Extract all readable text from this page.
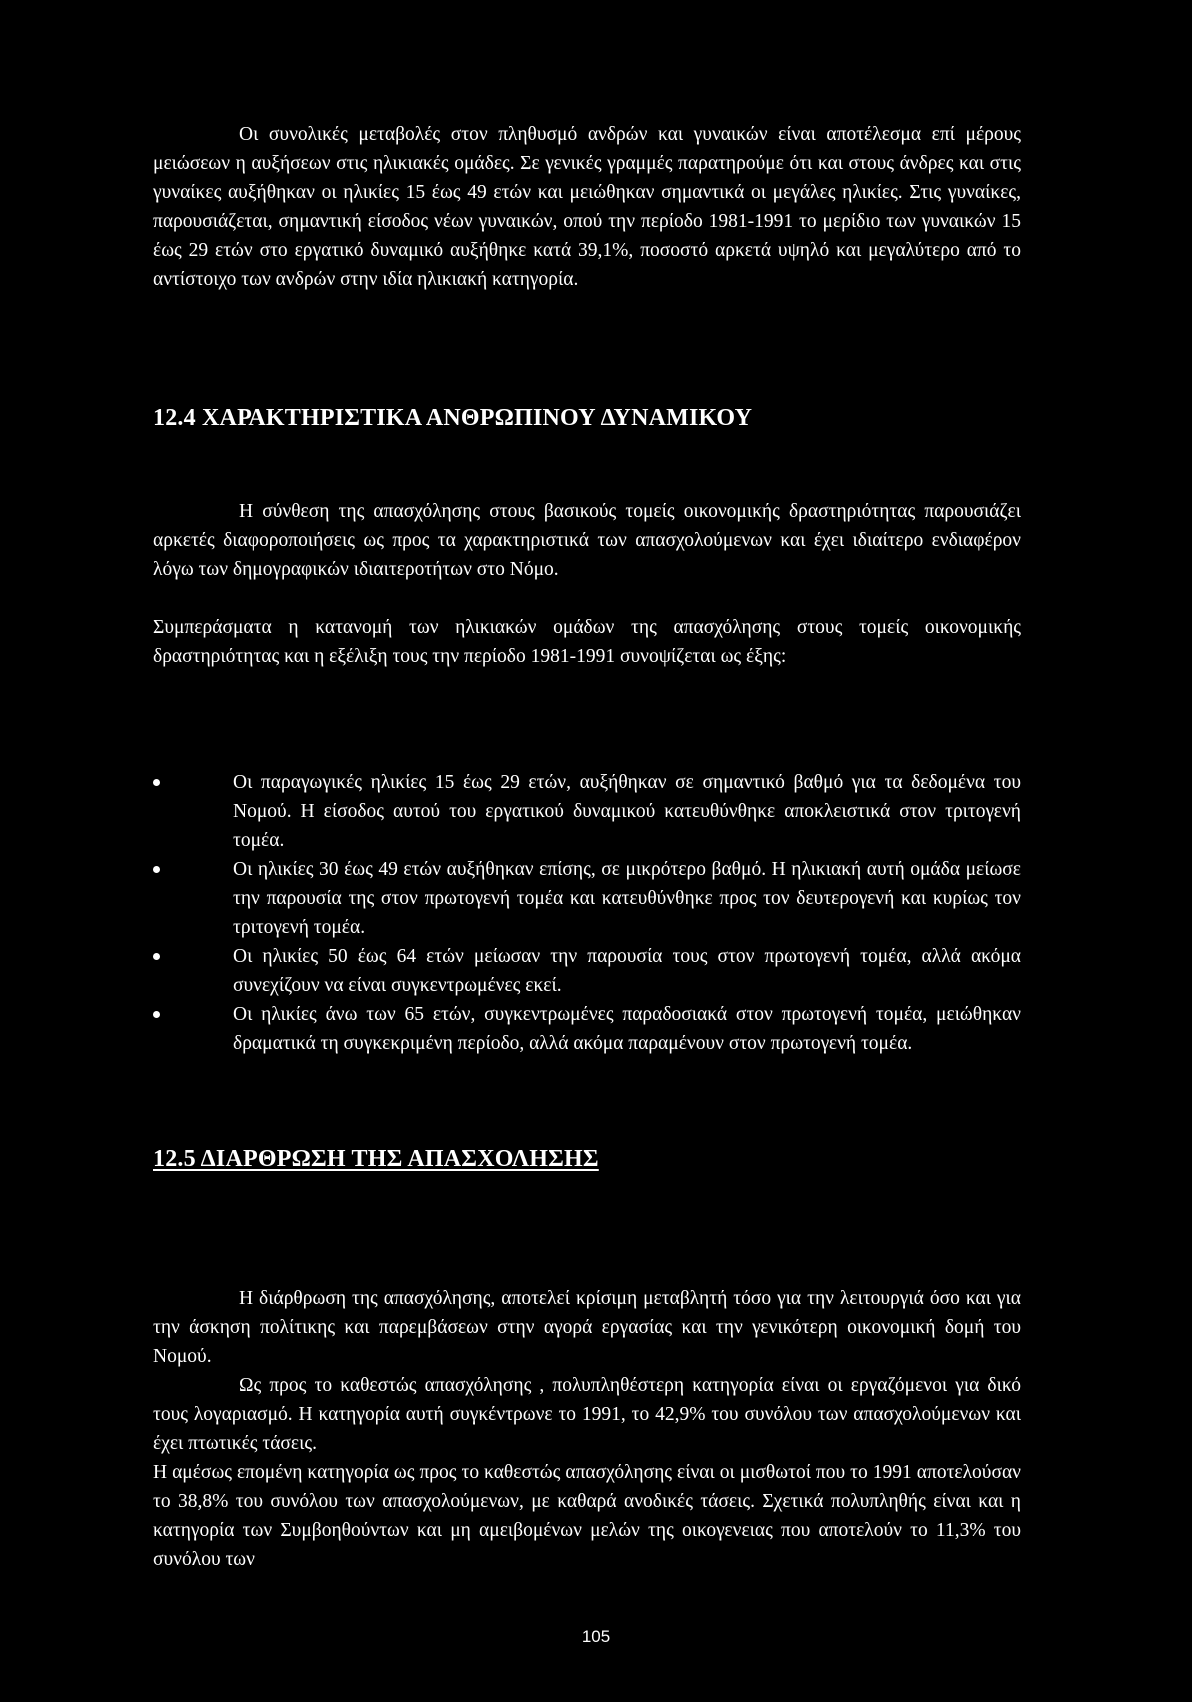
Οι συνολικές μεταβολές στον πληθυσμό ανδρών και γυναικών είναι αποτέλεσμα επί μέρους μειώσεων η αυξήσεων στις ηλικιακές ομάδες. Σε γενικές γραμμές παρατηρούμε ότι και στους άνδρες και στις γυναίκες αυξήθηκαν οι ηλικίες 15 έως 49 ετών και μειώθηκαν σημαντικά οι μεγάλες ηλικίες. Στις γυναίκες, παρουσιάζεται, σημαντική είσοδος νέων γυναικών, οπού την περίοδο 1981-1991 το μερίδιο των γυναικών 15 έως 29 ετών στο εργατικό δυναμικό αυξήθηκε κατά 39,1%, ποσοστό αρκετά υψηλό και μεγαλύτερο από το αντίστοιχο των ανδρών στην ιδία ηλικιακή κατηγορία.

12.4 ΧΑΡΑΚΤΗΡΙΣΤΙΚΑ ΑΝΘΡΩΠΙΝΟΥ ΔΥΝΑΜΙΚΟΥ

Η σύνθεση της απασχόλησης στους βασικούς τομείς οικονομικής δραστηριότητας παρουσιάζει αρκετές διαφοροποιήσεις ως προς τα χαρακτηριστικά των απασχολούμενων και έχει ιδιαίτερο ενδιαφέρον λόγω των δημογραφικών ιδιαιτεροτήτων στο Νόμο.

Συμπεράσματα η κατανομή των ηλικιακών ομάδων της απασχόλησης στους τομείς οικονομικής δραστηριότητας και η εξέλιξη τους την περίοδο 1981-1991 συνοψίζεται ως έξης:

Οι παραγωγικές ηλικίες 15 έως 29 ετών, αυξήθηκαν σε σημαντικό βαθμό για τα δεδομένα του Νομού. Η είσοδος αυτού του εργατικού δυναμικού κατευθύνθηκε αποκλειστικά στον τριτογενή τομέα.
Οι ηλικίες 30 έως 49 ετών αυξήθηκαν επίσης, σε μικρότερο βαθμό. Η ηλικιακή αυτή ομάδα μείωσε την παρουσία της στον πρωτογενή τομέα και κατευθύνθηκε προς τον δευτερογενή και κυρίως τον τριτογενή τομέα.
Οι ηλικίες 50 έως 64 ετών μείωσαν την παρουσία τους στον πρωτογενή τομέα, αλλά ακόμα συνεχίζουν να είναι συγκεντρωμένες εκεί.
Οι ηλικίες άνω των 65 ετών, συγκεντρωμένες παραδοσιακά στον πρωτογενή τομέα, μειώθηκαν δραματικά τη συγκεκριμένη περίοδο, αλλά ακόμα παραμένουν στον πρωτογενή τομέα.
12.5 ΔΙΑΡΘΡΩΣΗ ΤΗΣ ΑΠΑΣΧΟΛΗΣΗΣ

Η διάρθρωση της απασχόλησης, αποτελεί κρίσιμη μεταβλητή τόσο για την λειτουργιά όσο και για την άσκηση πολίτικης και παρεμβάσεων στην αγορά εργασίας και την γενικότερη οικονομική δομή του Νομού.

Ως προς το καθεστώς απασχόλησης , πολυπληθέστερη κατηγορία είναι οι εργαζόμενοι για δικό τους λογαριασμό. Η κατηγορία αυτή συγκέντρωνε το 1991, το 42,9% του συνόλου των απασχολούμενων και έχει πτωτικές τάσεις.

Η αμέσως επομένη κατηγορία ως προς το καθεστώς απασχόλησης είναι οι μισθωτοί που το 1991 αποτελούσαν το 38,8% του συνόλου των απασχολούμενων, με καθαρά ανοδικές τάσεις. Σχετικά πολυπληθής είναι και η κατηγορία των Συμβοηθούντων και μη αμειβομένων μελών της οικογενειας που αποτελούν το 11,3% του συνόλου των

105
